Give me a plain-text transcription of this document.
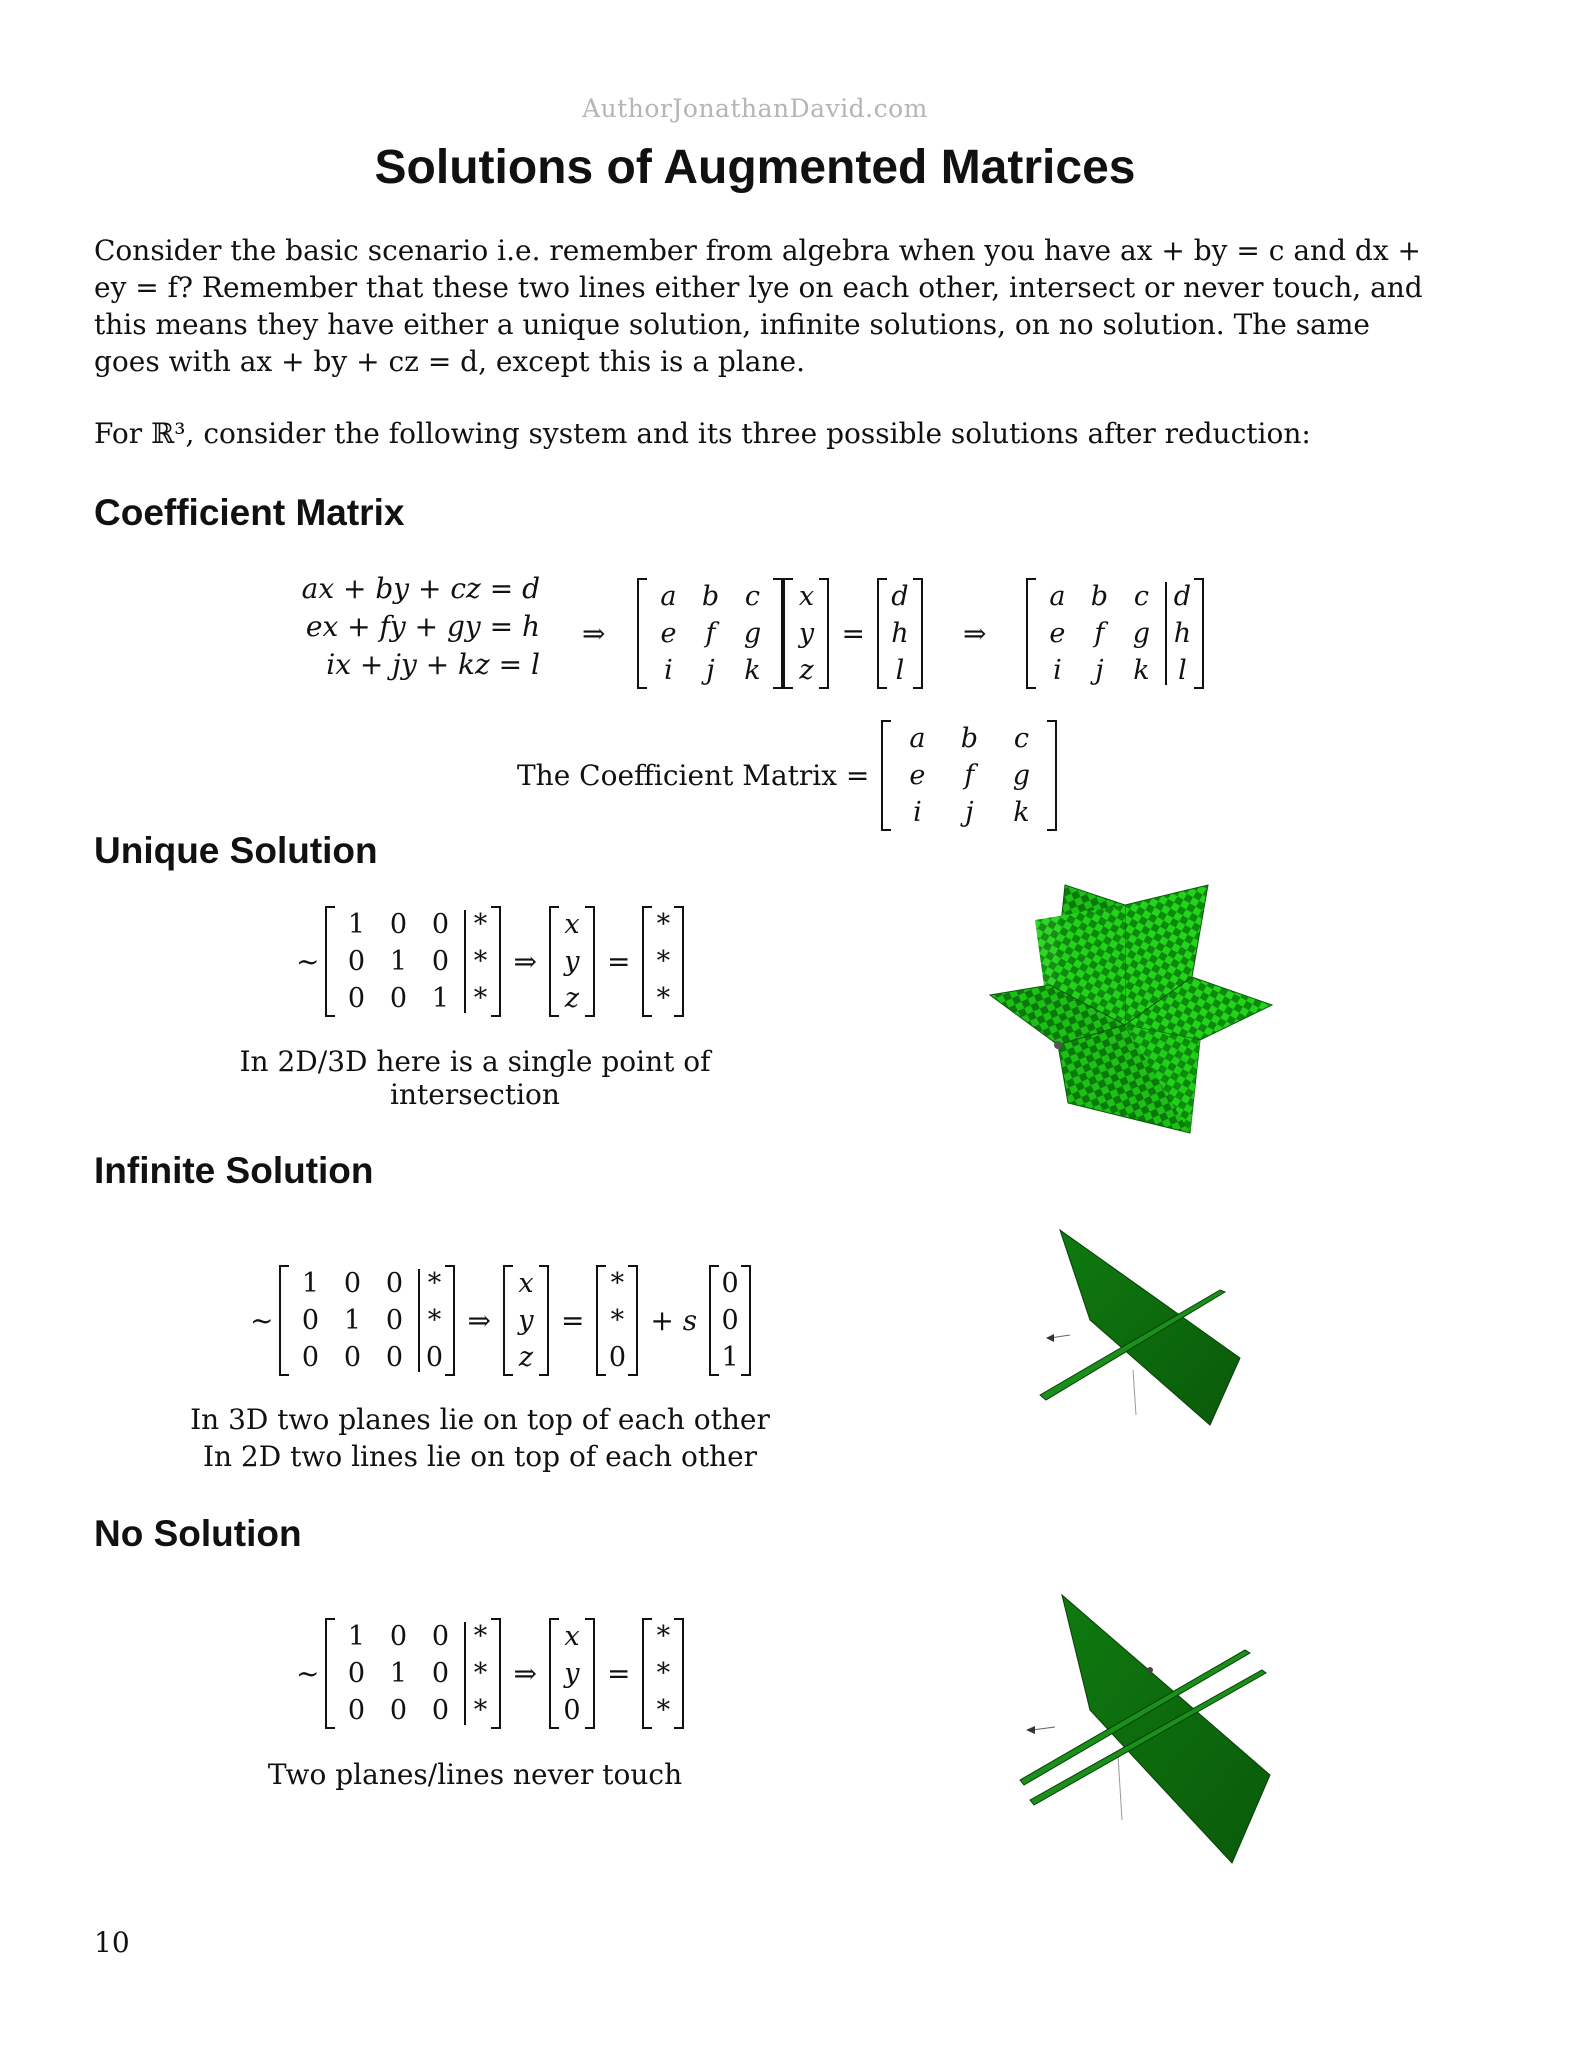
AuthorJonathanDavid.com
Solutions of Augmented Matrices
Consider the basic scenario i.e. remember from algebra when you have ax + by = c and dx + ey = f? Remember that these two lines either lye on each other, intersect or never touch, and this means they have either a unique solution, infinite solutions, on no solution. The same goes with ax + by + cz = d, except this is a plane.
For ℝ³, consider the following system and its three possible solutions after reduction:
Coefficient Matrix
ax + by + cz = d
ex + fy + gy = h
ix + jy + kz = l
⇒
a
e
i
b
f
j
c
g
k
x
y
z
=
d
h
l
⇒
a
e
i
b
f
j
c
g
k
d
h
l
The Coefficient Matrix =
a
e
i
b
f
j
c
g
k
Unique Solution
~
1
0
0
0
1
0
0
0
1
*
*
*
⇒
x
y
z
=
*
*
*
In 2D/3D here is a single point of intersection
Infinite Solution
~
1
0
0
0
1
0
0
0
0
*
*
0
⇒
x
y
z
=
*
*
0
+ s
0
0
1
In 3D two planes lie on top of each other
In 2D two lines lie on top of each other
No Solution
~
1
0
0
0
1
0
0
0
0
*
*
*
⇒
x
y
0
=
*
*
*
Two planes/lines never touch
10
